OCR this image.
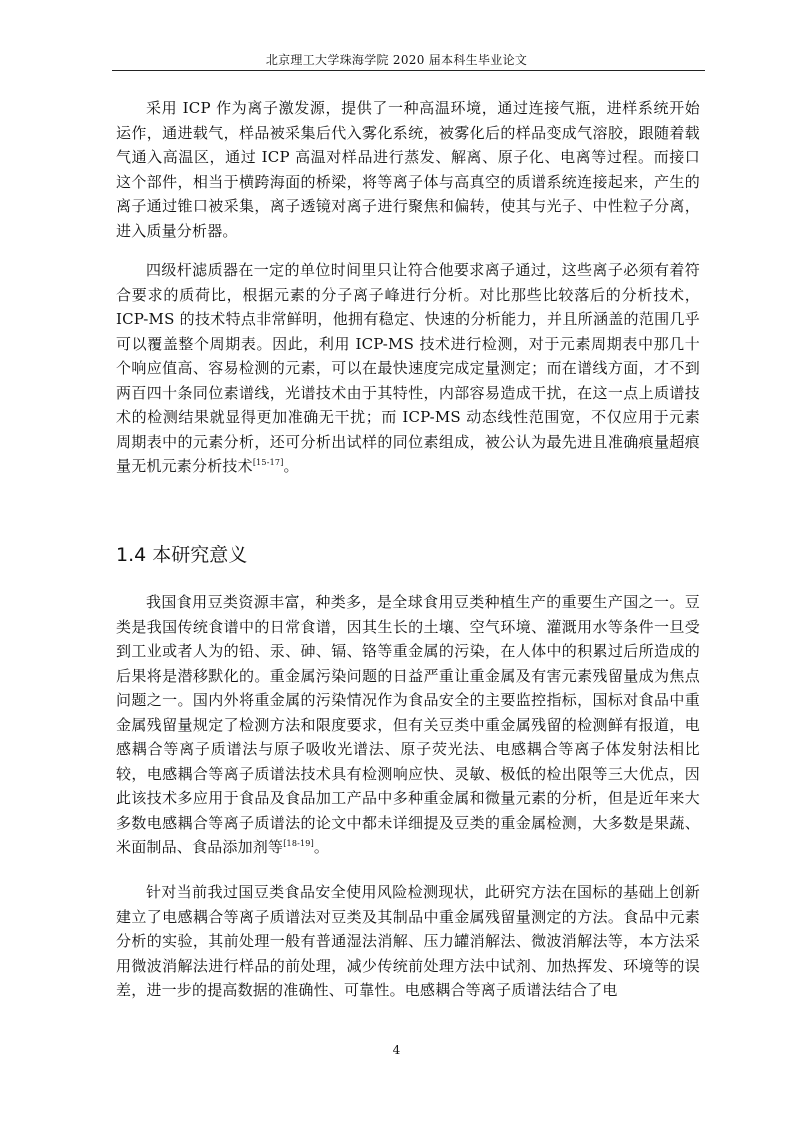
北京理工大学珠海学院 2020 届本科生毕业论文

采用 ICP 作为离子激发源，提供了一种高温环境，通过连接气瓶，进样系统开始运作，通进载气，样品被采集后代入雾化系统，被雾化后的样品变成气溶胶，跟随着载气通入高温区，通过 ICP 高温对样品进行蒸发、解离、原子化、电离等过程。而接口这个部件，相当于横跨海面的桥梁，将等离子体与高真空的质谱系统连接起来，产生的离子通过锥口被采集，离子透镜对离子进行聚焦和偏转，使其与光子、中性粒子分离，进入质量分析器。

四级杆滤质器在一定的单位时间里只让符合他要求离子通过，这些离子必须有着符合要求的质荷比，根据元素的分子离子峰进行分析。对比那些比较落后的分析技术，ICP-MS 的技术特点非常鲜明，他拥有稳定、快速的分析能力，并且所涵盖的范围几乎可以覆盖整个周期表。因此，利用 ICP-MS 技术进行检测，对于元素周期表中那几十个响应值高、容易检测的元素，可以在最快速度完成定量测定；而在谱线方面，才不到两百四十条同位素谱线，光谱技术由于其特性，内部容易造成干扰，在这一点上质谱技术的检测结果就显得更加准确无干扰；而 ICP-MS 动态线性范围宽，不仅应用于元素周期表中的元素分析，还可分析出试样的同位素组成，被公认为最先进且准确痕量超痕量无机元素分析技术[15-17]。

1.4 本研究意义

我国食用豆类资源丰富，种类多，是全球食用豆类种植生产的重要生产国之一。豆类是我国传统食谱中的日常食谱，因其生长的土壤、空气环境、灌溉用水等条件一旦受到工业或者人为的铅、汞、砷、镉、铬等重金属的污染，在人体中的积累过后所造成的后果将是潜移默化的。重金属污染问题的日益严重让重金属及有害元素残留量成为焦点问题之一。国内外将重金属的污染情况作为食品安全的主要监控指标，国标对食品中重金属残留量规定了检测方法和限度要求，但有关豆类中重金属残留的检测鲜有报道，电感耦合等离子质谱法与原子吸收光谱法、原子荧光法、电感耦合等离子体发射法相比较，电感耦合等离子质谱法技术具有检测响应快、灵敏、极低的检出限等三大优点，因此该技术多应用于食品及食品加工产品中多种重金属和微量元素的分析，但是近年来大多数电感耦合等离子质谱法的论文中都未详细提及豆类的重金属检测，大多数是果蔬、米面制品、食品添加剂等[18-19]。

针对当前我过国豆类食品安全使用风险检测现状，此研究方法在国标的基础上创新建立了电感耦合等离子质谱法对豆类及其制品中重金属残留量测定的方法。食品中元素分析的实验，其前处理一般有普通湿法消解、压力罐消解法、微波消解法等，本方法采用微波消解法进行样品的前处理，减少传统前处理方法中试剂、加热挥发、环境等的误差，进一步的提高数据的准确性、可靠性。电感耦合等离子质谱法结合了电

4
